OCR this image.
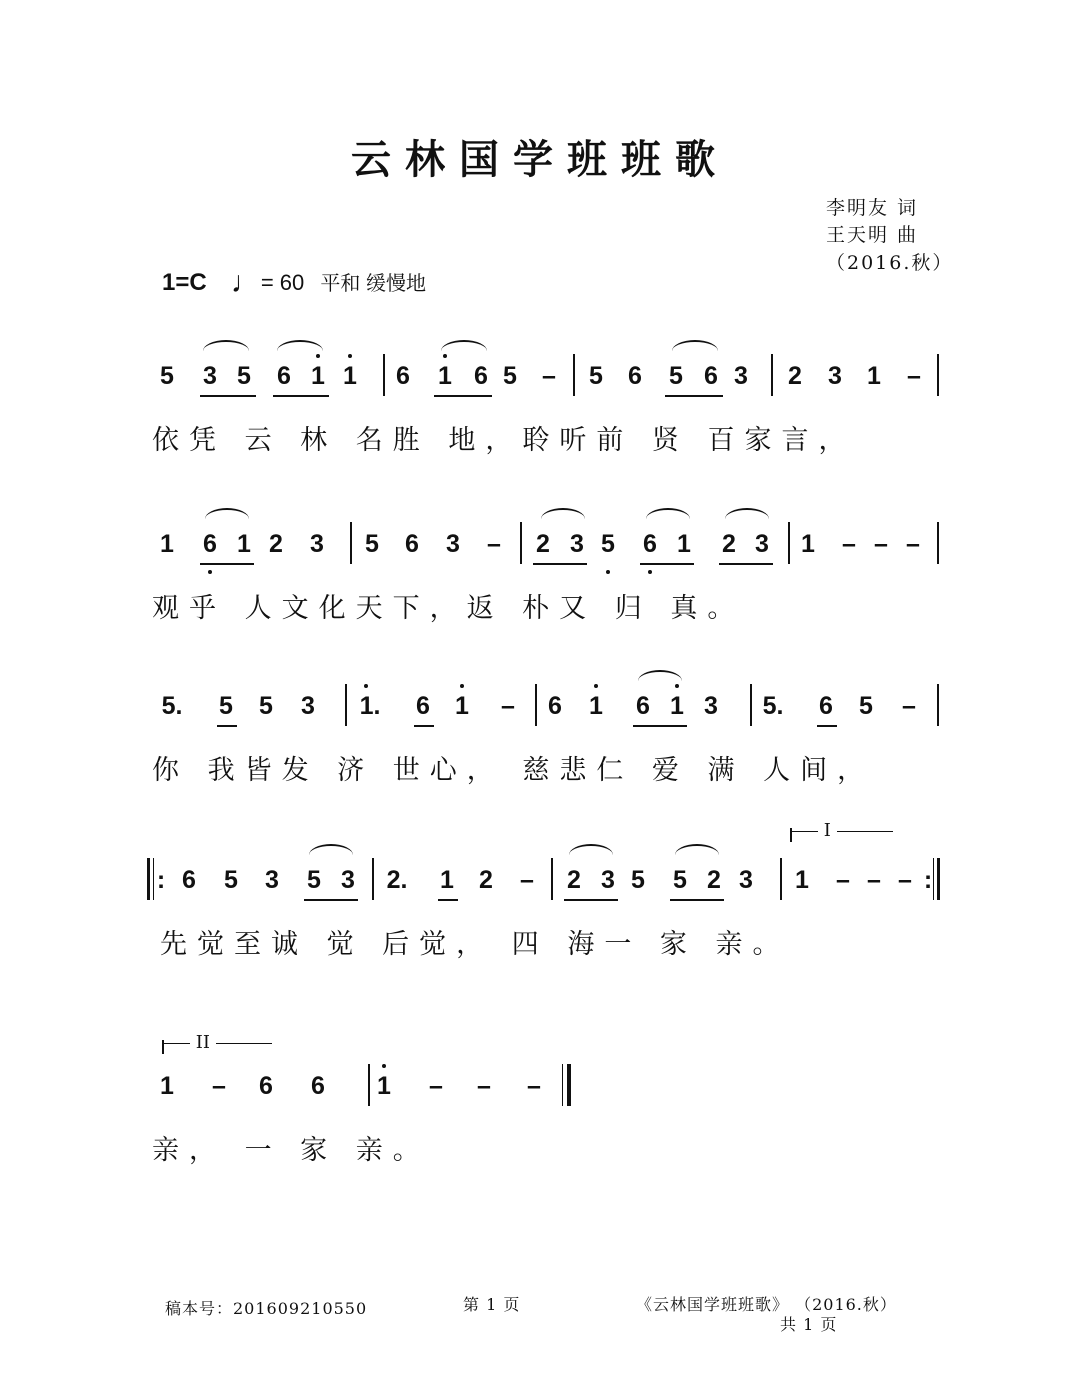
云林国学班班歌
李明友 词
王天明 曲
（2016.秋）
1=C ♩= 60 平和 缓慢地
5 3 5 6 1 1 6 1 6 5 – 5 6 5 6 3 2 3 1 –
依凭 云 林 名胜 地，聆听前 贤 百家言，
1 6 1 2 3 5 6 3 – 2 3 5 6 1 2 3 1 – – –
观乎 人文化天下，返 朴又 归 真。
5. 5 5 3 1. 6 1 – 6 1 6 1 3 5. 6 5 –
你 我皆发 济 世心， 慈悲仁 爱 满 人间，
I
: 6 5 3 5 3 2. 1 2 – 2 3 5 5 2 3 1 – – – :
先觉至诚 觉 后觉， 四 海一 家 亲。
II
1 – 6 6 1 – – –
亲， 一 家 亲。
稿本号：201609210550	第 1 页	《云林国学班班歌》 （2016.秋）
共 1 页
